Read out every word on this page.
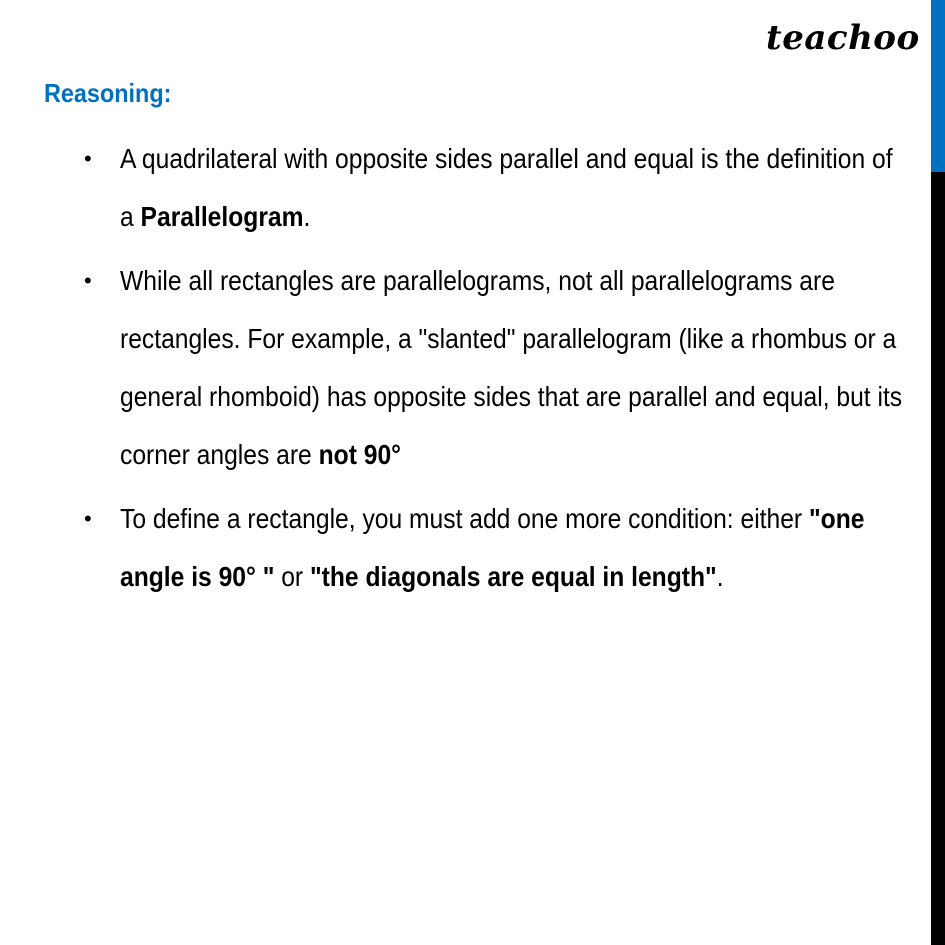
teachoo
Reasoning:
• A quadrilateral with opposite sides parallel and equal is the definition of a Parallelogram.
• While all rectangles are parallelograms, not all parallelograms are rectangles. For example, a "slanted" parallelogram (like a rhombus or a general rhomboid) has opposite sides that are parallel and equal, but its corner angles are not 90°
• To define a rectangle, you must add one more condition: either "one angle is 90° " or "the diagonals are equal in length".
